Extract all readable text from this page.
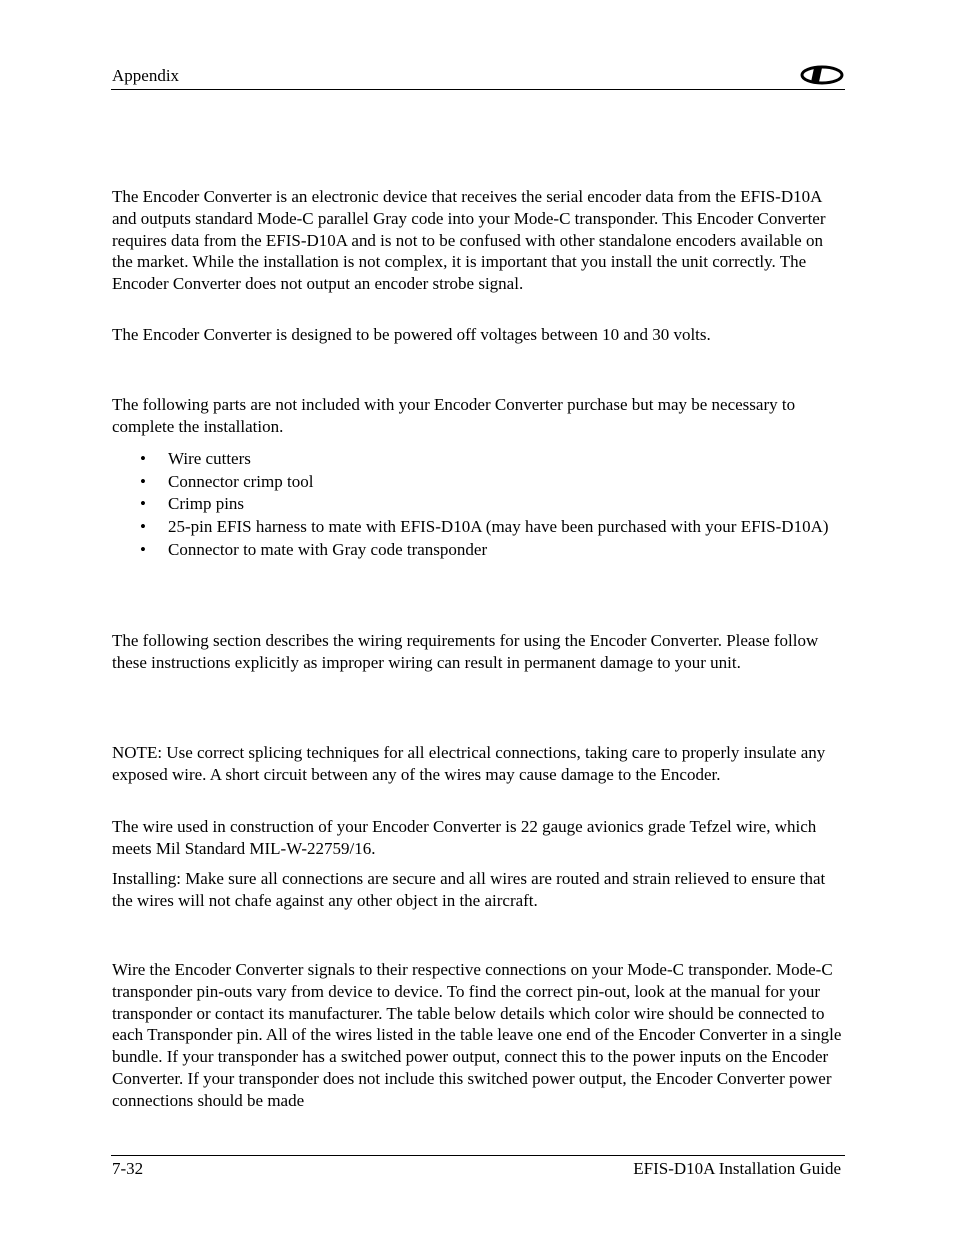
Appendix

The Encoder Converter is an electronic device that receives the serial encoder data from the EFIS-D10A and outputs standard Mode-C parallel Gray code into your Mode-C transponder. This Encoder Converter requires data from the EFIS-D10A and is not to be confused with other standalone encoders available on the market. While the installation is not complex, it is important that you install the unit correctly. The Encoder Converter does not output an encoder strobe signal.

The Encoder Converter is designed to be powered off voltages between 10 and 30 volts.

The following parts are not included with your Encoder Converter purchase but may be necessary to complete the installation.

• Wire cutters
• Connector crimp tool
• Crimp pins
• 25-pin EFIS harness to mate with EFIS-D10A (may have been purchased with your EFIS-D10A)
• Connector to mate with Gray code transponder

The following section describes the wiring requirements for using the Encoder Converter. Please follow these instructions explicitly as improper wiring can result in permanent damage to your unit.

NOTE: Use correct splicing techniques for all electrical connections, taking care to properly insulate any exposed wire. A short circuit between any of the wires may cause damage to the Encoder.

The wire used in construction of your Encoder Converter is 22 gauge avionics grade Tefzel wire, which meets Mil Standard MIL-W-22759/16.

Installing: Make sure all connections are secure and all wires are routed and strain relieved to ensure that the wires will not chafe against any other object in the aircraft.

Wire the Encoder Converter signals to their respective connections on your Mode-C transponder. Mode-C transponder pin-outs vary from device to device. To find the correct pin-out, look at the manual for your transponder or contact its manufacturer. The table below details which color wire should be connected to each Transponder pin. All of the wires listed in the table leave one end of the Encoder Converter in a single bundle. If your transponder has a switched power output, connect this to the power inputs on the Encoder Converter. If your transponder does not include this switched power output, the Encoder Converter power connections should be made

7-32	EFIS-D10A Installation Guide
